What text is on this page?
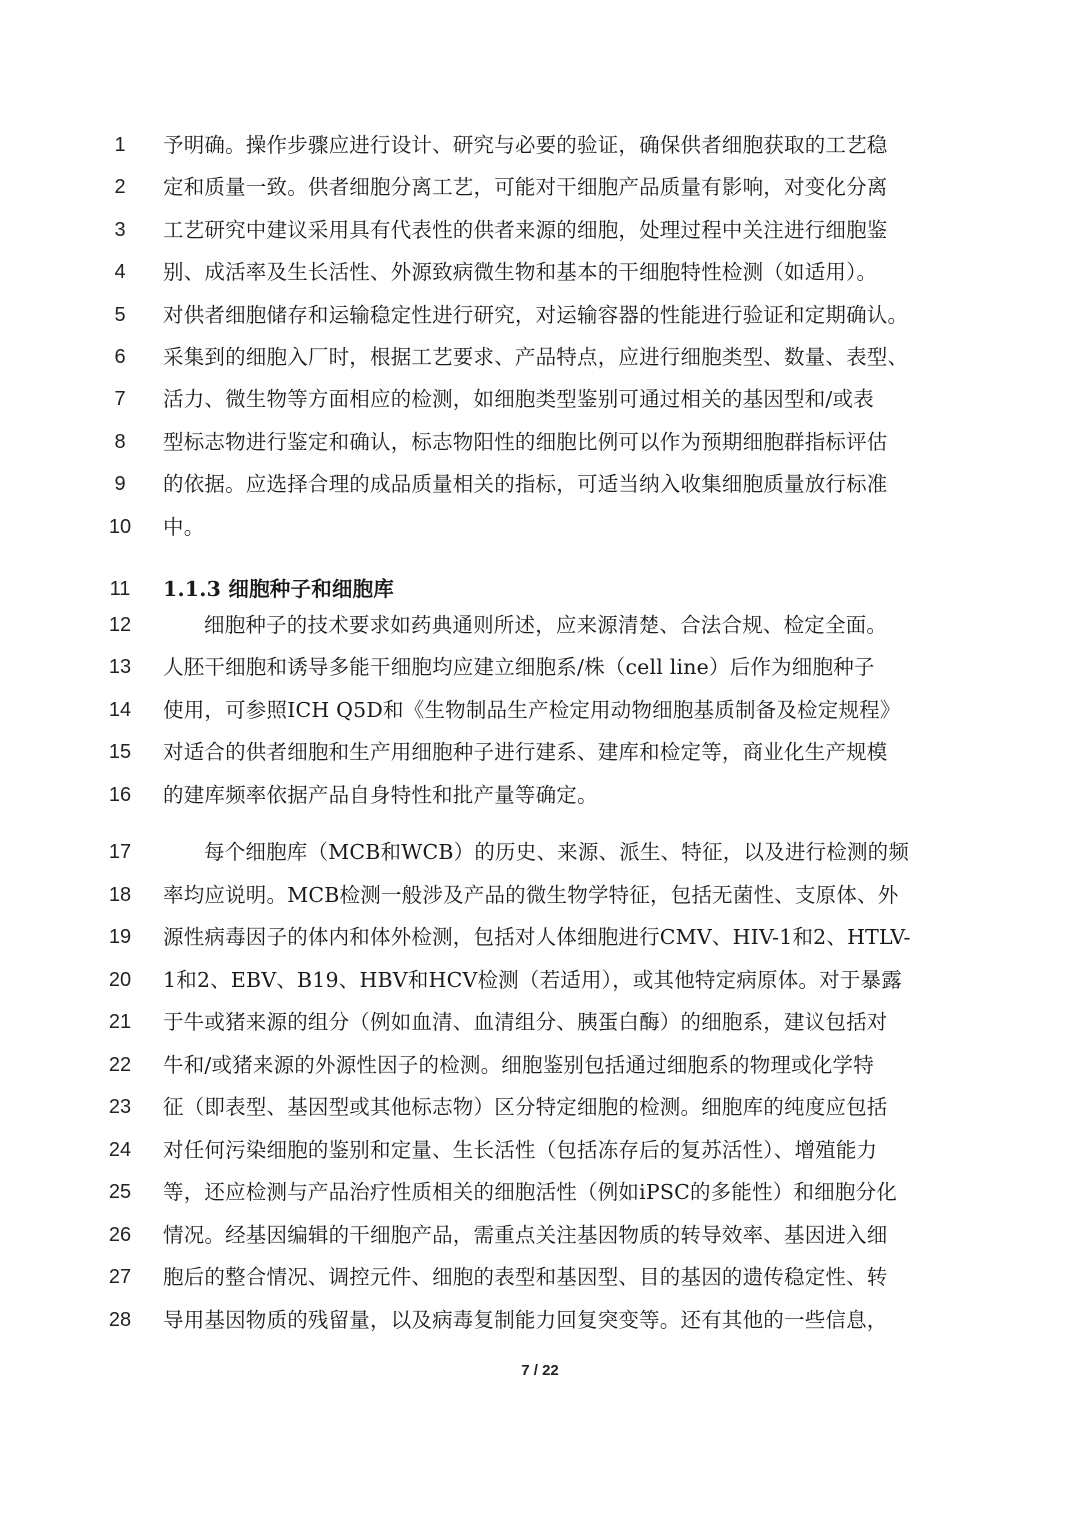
1	予明确。操作步骤应进行设计、研究与必要的验证，确保供者细胞获取的工艺稳
2	定和质量一致。供者细胞分离工艺，可能对干细胞产品质量有影响，对变化分离
3	工艺研究中建议采用具有代表性的供者来源的细胞，处理过程中关注进行细胞鉴
4	别、成活率及生长活性、外源致病微生物和基本的干细胞特性检测（如适用）。
5	对供者细胞储存和运输稳定性进行研究，对运输容器的性能进行验证和定期确认。
6	采集到的细胞入厂时，根据工艺要求、产品特点，应进行细胞类型、数量、表型、
7	活力、微生物等方面相应的检测，如细胞类型鉴别可通过相关的基因型和/或表
8	型标志物进行鉴定和确认，标志物阳性的细胞比例可以作为预期细胞群指标评估
9	的依据。应选择合理的成品质量相关的指标，可适当纳入收集细胞质量放行标准
10	中。
11	1.1.3 细胞种子和细胞库
12	细胞种子的技术要求如药典通则所述，应来源清楚、合法合规、检定全面。
13	人胚干细胞和诱导多能干细胞均应建立细胞系/株（cell line）后作为细胞种子
14	使用，可参照ICH Q5D和《生物制品生产检定用动物细胞基质制备及检定规程》
15	对适合的供者细胞和生产用细胞种子进行建系、建库和检定等，商业化生产规模
16	的建库频率依据产品自身特性和批产量等确定。
17	每个细胞库（MCB和WCB）的历史、来源、派生、特征，以及进行检测的频
18	率均应说明。MCB检测一般涉及产品的微生物学特征，包括无菌性、支原体、外
19	源性病毒因子的体内和体外检测，包括对人体细胞进行CMV、HIV-1和2、HTLV-
20	1和2、EBV、B19、HBV和HCV检测（若适用），或其他特定病原体。对于暴露
21	于牛或猪来源的组分（例如血清、血清组分、胰蛋白酶）的细胞系，建议包括对
22	牛和/或猪来源的外源性因子的检测。细胞鉴别包括通过细胞系的物理或化学特
23	征（即表型、基因型或其他标志物）区分特定细胞的检测。细胞库的纯度应包括
24	对任何污染细胞的鉴别和定量、生长活性（包括冻存后的复苏活性）、增殖能力
25	等，还应检测与产品治疗性质相关的细胞活性（例如iPSC的多能性）和细胞分化
26	情况。经基因编辑的干细胞产品，需重点关注基因物质的转导效率、基因进入细
27	胞后的整合情况、调控元件、细胞的表型和基因型、目的基因的遗传稳定性、转
28	导用基因物质的残留量，以及病毒复制能力回复突变等。还有其他的一些信息，
7 / 22
